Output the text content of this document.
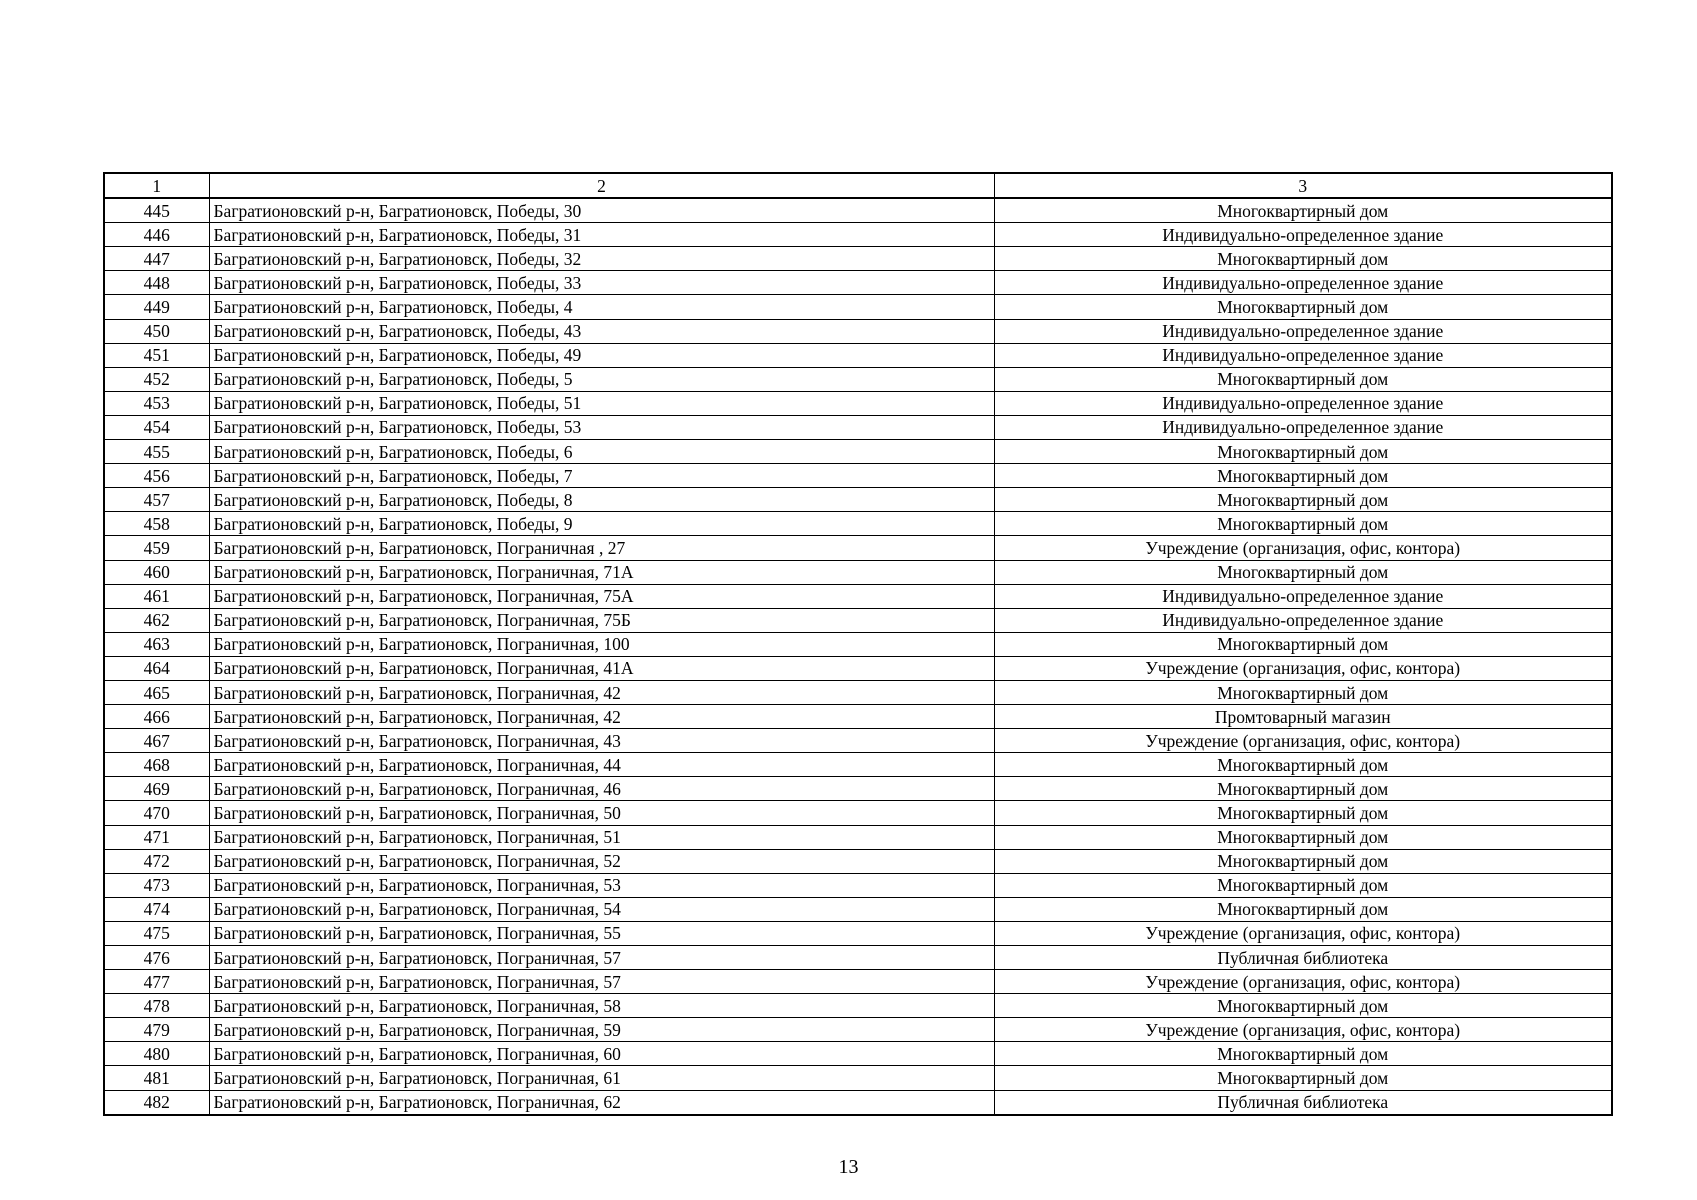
1	2	3
445	Багратионовский р-н, Багратионовск, Победы, 30	Многоквартирный дом
446	Багратионовский р-н, Багратионовск, Победы, 31	Индивидуально-определенное здание
447	Багратионовский р-н, Багратионовск, Победы, 32	Многоквартирный дом
448	Багратионовский р-н, Багратионовск, Победы, 33	Индивидуально-определенное здание
449	Багратионовский р-н, Багратионовск, Победы, 4	Многоквартирный дом
450	Багратионовский р-н, Багратионовск, Победы, 43	Индивидуально-определенное здание
451	Багратионовский р-н, Багратионовск, Победы, 49	Индивидуально-определенное здание
452	Багратионовский р-н, Багратионовск, Победы, 5	Многоквартирный дом
453	Багратионовский р-н, Багратионовск, Победы, 51	Индивидуально-определенное здание
454	Багратионовский р-н, Багратионовск, Победы, 53	Индивидуально-определенное здание
455	Багратионовский р-н, Багратионовск, Победы, 6	Многоквартирный дом
456	Багратионовский р-н, Багратионовск, Победы, 7	Многоквартирный дом
457	Багратионовский р-н, Багратионовск, Победы, 8	Многоквартирный дом
458	Багратионовский р-н, Багратионовск, Победы, 9	Многоквартирный дом
459	Багратионовский р-н, Багратионовск, Пограничная , 27	Учреждение (организация, офис, контора)
460	Багратионовский р-н, Багратионовск, Пограничная, 71А	Многоквартирный дом
461	Багратионовский р-н, Багратионовск, Пограничная, 75А	Индивидуально-определенное здание
462	Багратионовский р-н, Багратионовск, Пограничная, 75Б	Индивидуально-определенное здание
463	Багратионовский р-н, Багратионовск, Пограничная, 100	Многоквартирный дом
464	Багратионовский р-н, Багратионовск, Пограничная, 41А	Учреждение (организация, офис, контора)
465	Багратионовский р-н, Багратионовск, Пограничная, 42	Многоквартирный дом
466	Багратионовский р-н, Багратионовск, Пограничная, 42	Промтоварный магазин
467	Багратионовский р-н, Багратионовск, Пограничная, 43	Учреждение (организация, офис, контора)
468	Багратионовский р-н, Багратионовск, Пограничная, 44	Многоквартирный дом
469	Багратионовский р-н, Багратионовск, Пограничная, 46	Многоквартирный дом
470	Багратионовский р-н, Багратионовск, Пограничная, 50	Многоквартирный дом
471	Багратионовский р-н, Багратионовск, Пограничная, 51	Многоквартирный дом
472	Багратионовский р-н, Багратионовск, Пограничная, 52	Многоквартирный дом
473	Багратионовский р-н, Багратионовск, Пограничная, 53	Многоквартирный дом
474	Багратионовский р-н, Багратионовск, Пограничная, 54	Многоквартирный дом
475	Багратионовский р-н, Багратионовск, Пограничная, 55	Учреждение (организация, офис, контора)
476	Багратионовский р-н, Багратионовск, Пограничная, 57	Публичная библиотека
477	Багратионовский р-н, Багратионовск, Пограничная, 57	Учреждение (организация, офис, контора)
478	Багратионовский р-н, Багратионовск, Пограничная, 58	Многоквартирный дом
479	Багратионовский р-н, Багратионовск, Пограничная, 59	Учреждение (организация, офис, контора)
480	Багратионовский р-н, Багратионовск, Пограничная, 60	Многоквартирный дом
481	Багратионовский р-н, Багратионовск, Пограничная, 61	Многоквартирный дом
482	Багратионовский р-н, Багратионовск, Пограничная, 62	Публичная библиотека
13
